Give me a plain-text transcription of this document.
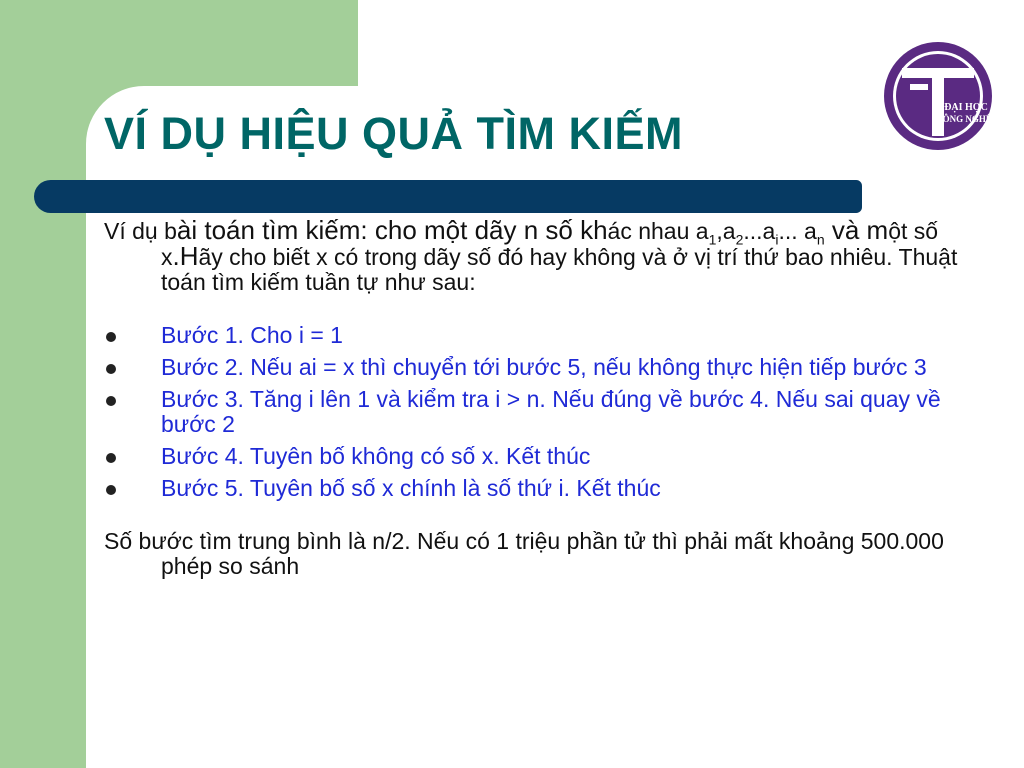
VÍ DỤ HIỆU QUẢ TÌM KIẾM
ĐẠI HỌC
CÔNG NGHỆ

Ví dụ bài toán tìm kiếm: cho một dãy n số khác nhau $a_1,a_2...a_i$... $a_n$ và một số x.Hãy cho biết x có trong dãy số đó hay không và ở vị trí thứ bao nhiêu. Thuật toán tìm kiếm tuần tự như sau:

Bước 1. Cho i = 1
Bước 2. Nếu ai = x thì chuyển tới bước 5, nếu không thực hiện tiếp bước 3
Bước 3. Tăng i lên 1 và kiểm tra i > n. Nếu đúng về bước 4. Nếu sai quay về bước 2
Bước 4. Tuyên bố không có số x. Kết thúc
Bước 5. Tuyên bố số x chính là số thứ i. Kết thúc

Số bước tìm trung bình là n/2. Nếu có 1 triệu phần tử thì phải mất khoảng 500.000 phép so sánh
